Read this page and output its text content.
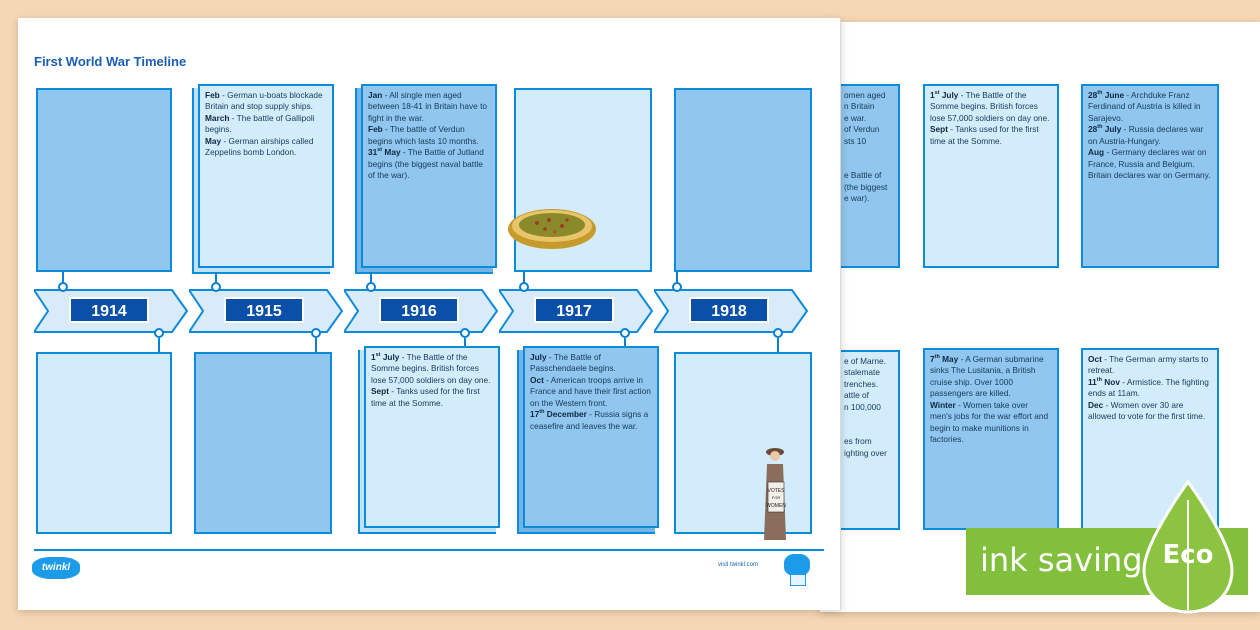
omen aged
n Britain
e war.
of Verdun
sts 10

e Battle of
(the biggest
e war).
e of Marne.
stalemate
trenches.
attle of
n 100,000

es from
ighting over

1st July - The Battle of the Somme begins. British forces lose 57,000 soldiers on day one.

Sept - Tanks used for the first time at the Somme.

28th June - Archduke Franz Ferdinand of Austria is killed in Sarajevo.

28th July - Russia declares war on Austria-Hungary.

Aug - Germany declares war on France, Russia and Belgium. Britain declares war on Germany.

7th May - A German submarine sinks The Lusitania, a British cruise ship. Over 1000 passengers are killed.

Winter - Women take over men's jobs for the war effort and begin to make munitions in factories.

Oct - The German army starts to retreat.

11th Nov - Armistice. The fighting ends at 11am.

Dec - Women over 30 are allowed to vote for the first time.

First World War Timeline

Feb - German u-boats blockade Britain and stop supply ships.

March - The battle of Gallipoli begins.

May - German airships called Zeppelins bomb London.

Jan - All single men aged between 18-41 in Britain have to fight in the war.

Feb - The battle of Verdun begins which lasts 10 months.

31st May - The Battle of Jutland begins (the biggest naval battle of the war).

1914	1915	1916	1917	1918

1st July - The Battle of the Somme begins. British forces lose 57,000 soldiers on day one.

Sept - Tanks used for the first time at the Somme.

July - The Battle of Passchendaele begins.

Oct - American troops arrive in France and have their first action on the Western front.

17th December - Russia signs a ceasefire and leaves the war.

VOTES
FOR
WOMEN
twinkl	visit twinkl.com	ink saving Eco
